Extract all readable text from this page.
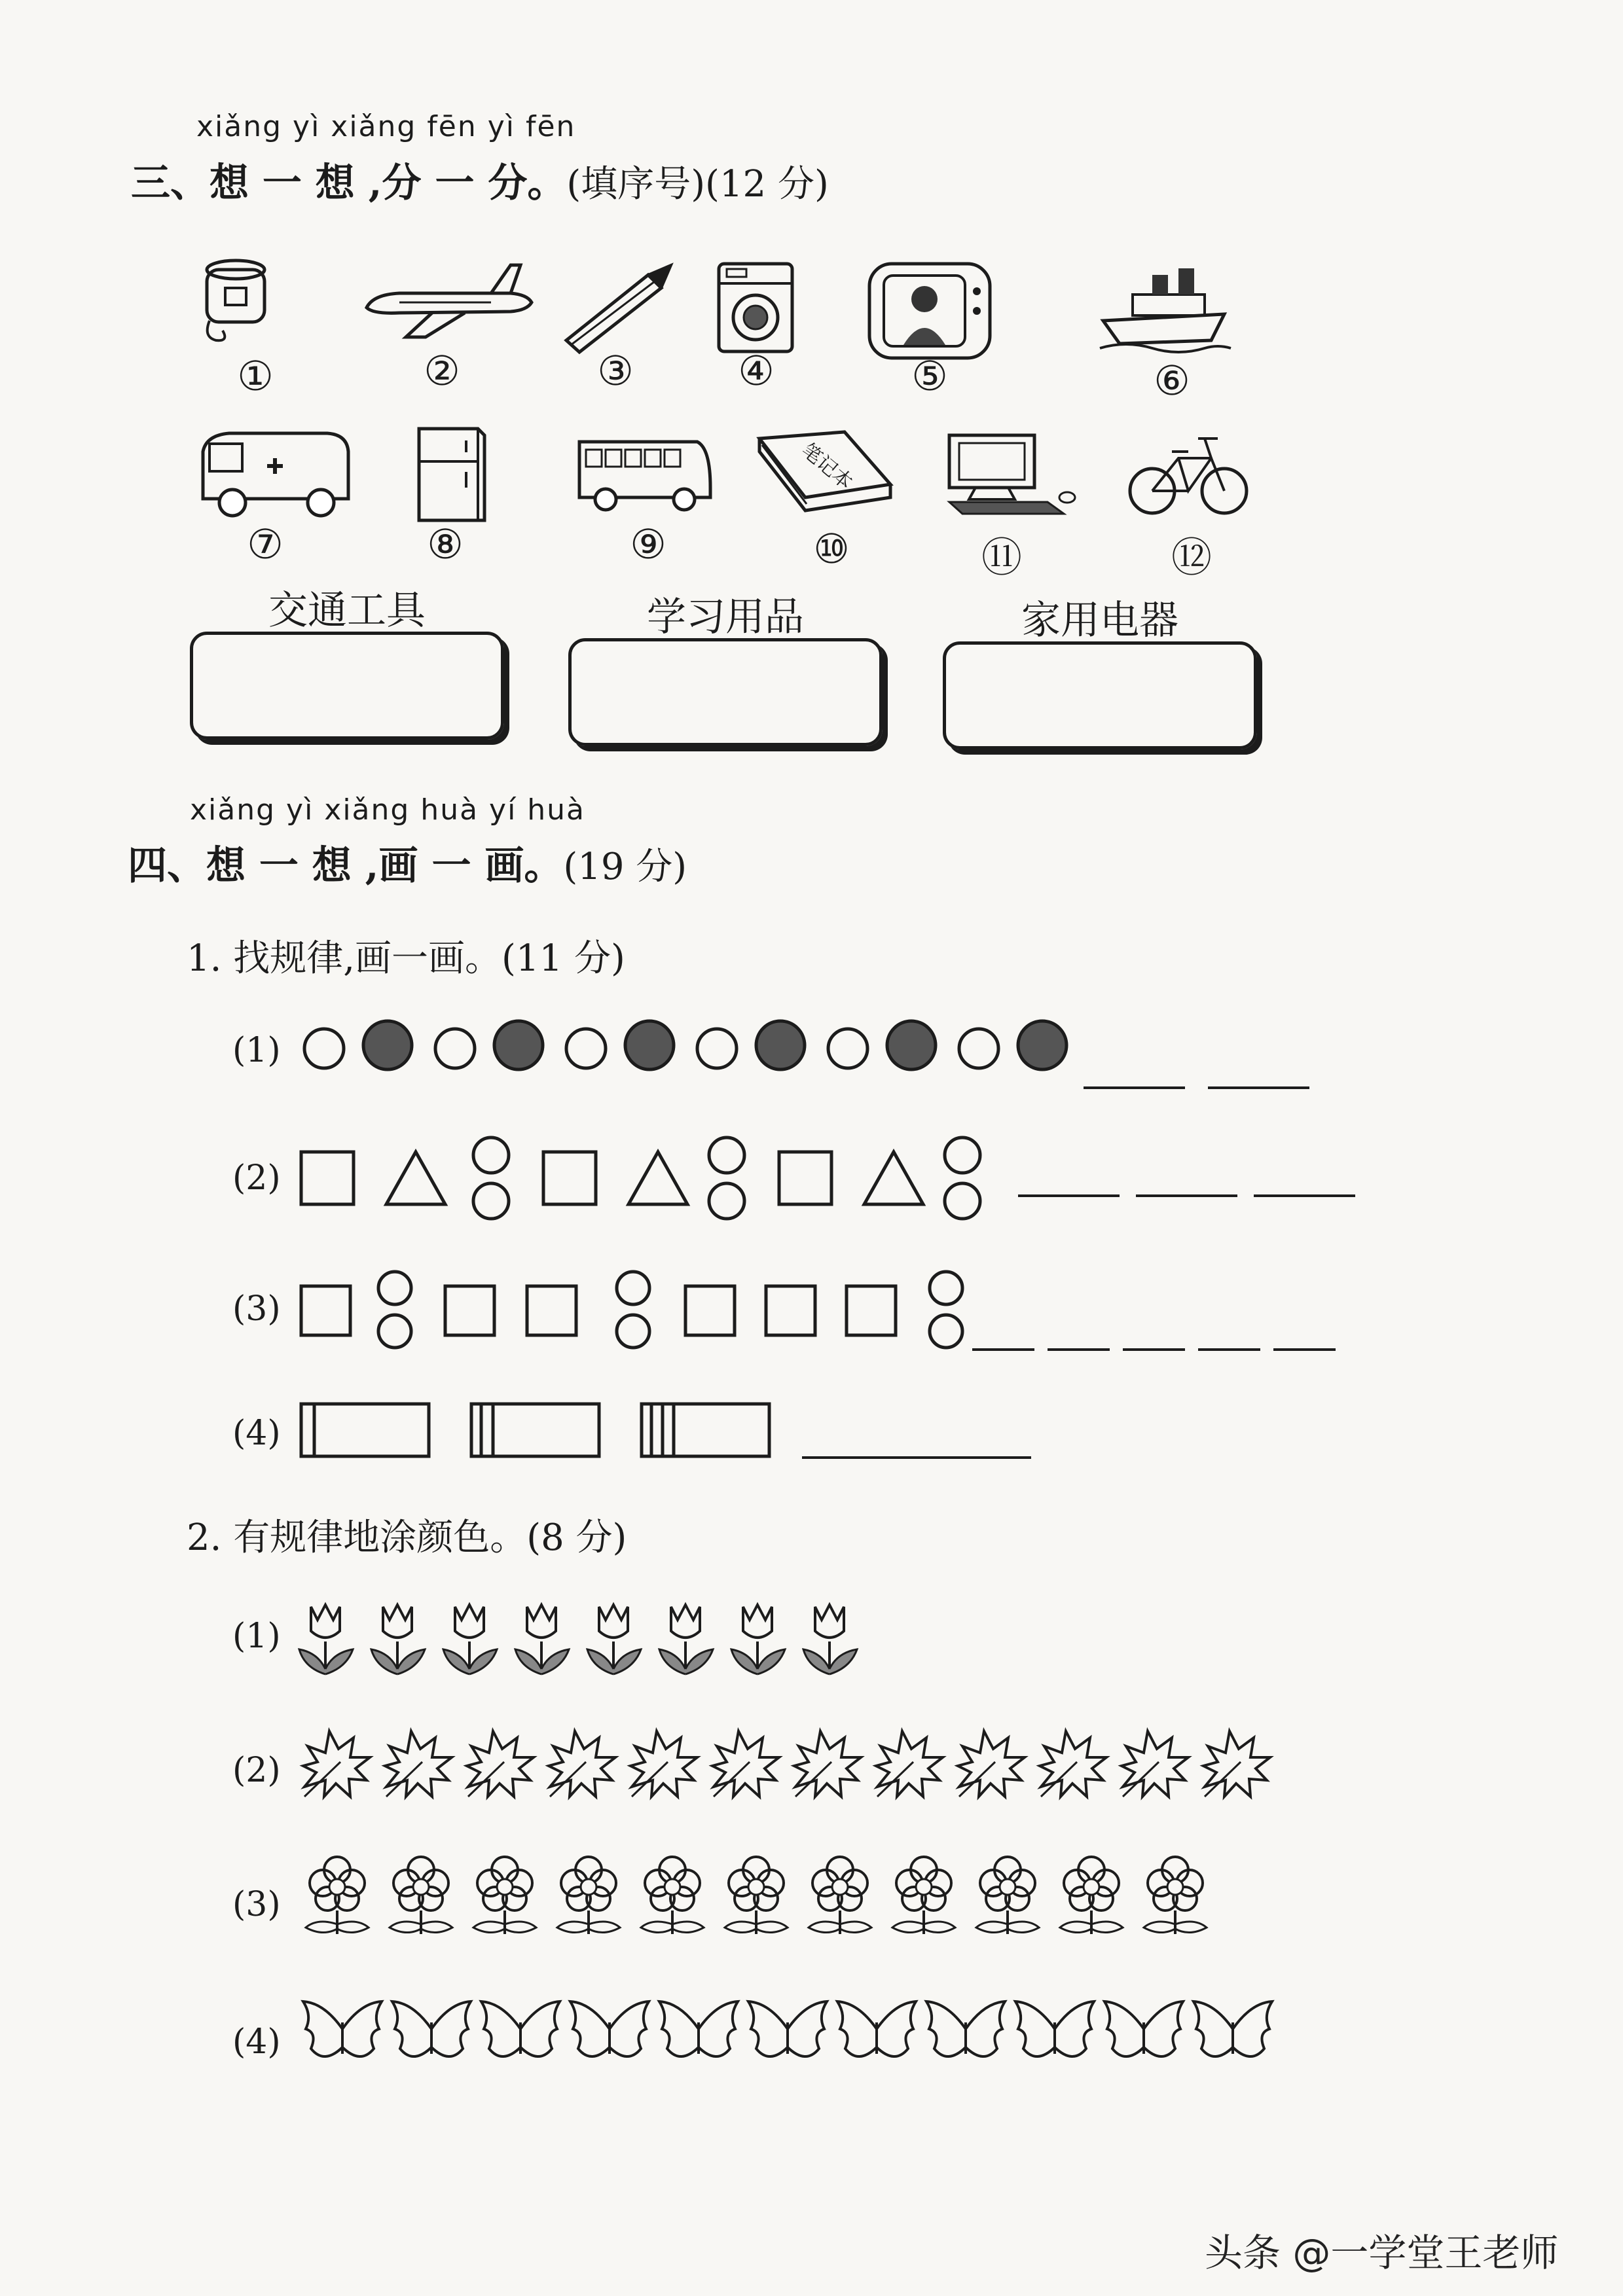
xiǎng yì xiǎng fēn yì fēn
三、想 一 想 ,分 一 分。(填序号)(12 分)
①	②	③	④	⑤	⑥
笔记本
⑦	⑧	⑨	⑩	⑪	⑫
交通工具	学习用品	家用电器
xiǎng yì xiǎng huà yí huà
四、想 一 想 ,画 一 画。(19 分)
1. 找规律,画一画。(11 分)
(1)
(2)
(3)
(4)
2. 有规律地涂颜色。(8 分)
(1)
(2)
(3)
(4)
头条 @一学堂王老师
